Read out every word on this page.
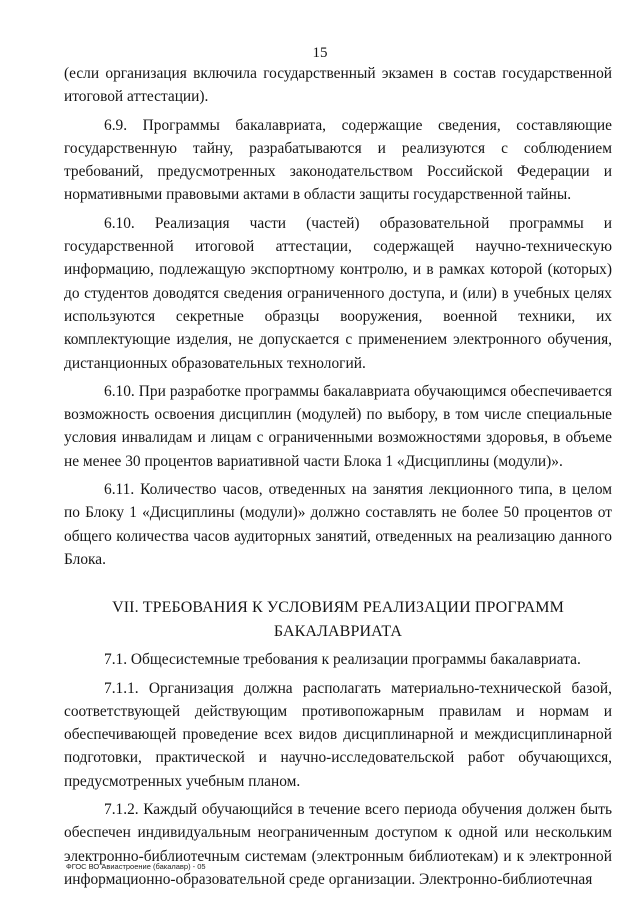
15

(если организация включила государственный экзамен в состав государственной итоговой аттестации).

6.9. Программы бакалавриата, содержащие сведения, составляющие государственную тайну, разрабатываются и реализуются с соблюдением требований, предусмотренных законодательством Российской Федерации и нормативными правовыми актами в области защиты государственной тайны.

6.10. Реализация части (частей) образовательной программы и государственной итоговой аттестации, содержащей научно-техническую информацию, подлежащую экспортному контролю, и в рамках которой (которых) до студентов доводятся сведения ограниченного доступа, и (или) в учебных целях используются секретные образцы вооружения, военной техники, их комплектующие изделия, не допускается с применением электронного обучения, дистанционных образовательных технологий.

6.10. При разработке программы бакалавриата обучающимся обеспечивается возможность освоения дисциплин (модулей) по выбору, в том числе специальные условия инвалидам и лицам с ограниченными возможностями здоровья, в объеме не менее 30 процентов вариативной части Блока 1 «Дисциплины (модули)».

6.11. Количество часов, отведенных на занятия лекционного типа, в целом по Блоку 1 «Дисциплины (модули)» должно составлять не более 50 процентов от общего количества часов аудиторных занятий, отведенных на реализацию данного Блока.

VII. ТРЕБОВАНИЯ К УСЛОВИЯМ РЕАЛИЗАЦИИ ПРОГРАММ
БАКАЛАВРИАТА

7.1. Общесистемные требования к реализации программы бакалавриата.

7.1.1. Организация должна располагать материально-технической базой, соответствующей действующим противопожарным правилам и нормам и обеспечивающей проведение всех видов дисциплинарной и междисциплинарной подготовки, практической и научно-исследовательской работ обучающихся, предусмотренных учебным планом.

7.1.2. Каждый обучающийся в течение всего периода обучения должен быть обеспечен индивидуальным неограниченным доступом к одной или нескольким электронно-библиотечным системам (электронным библиотекам) и к электронной информационно-образовательной среде организации. Электронно-библиотечная

ФГОС ВО Авиастроение (бакалавр) - 05
